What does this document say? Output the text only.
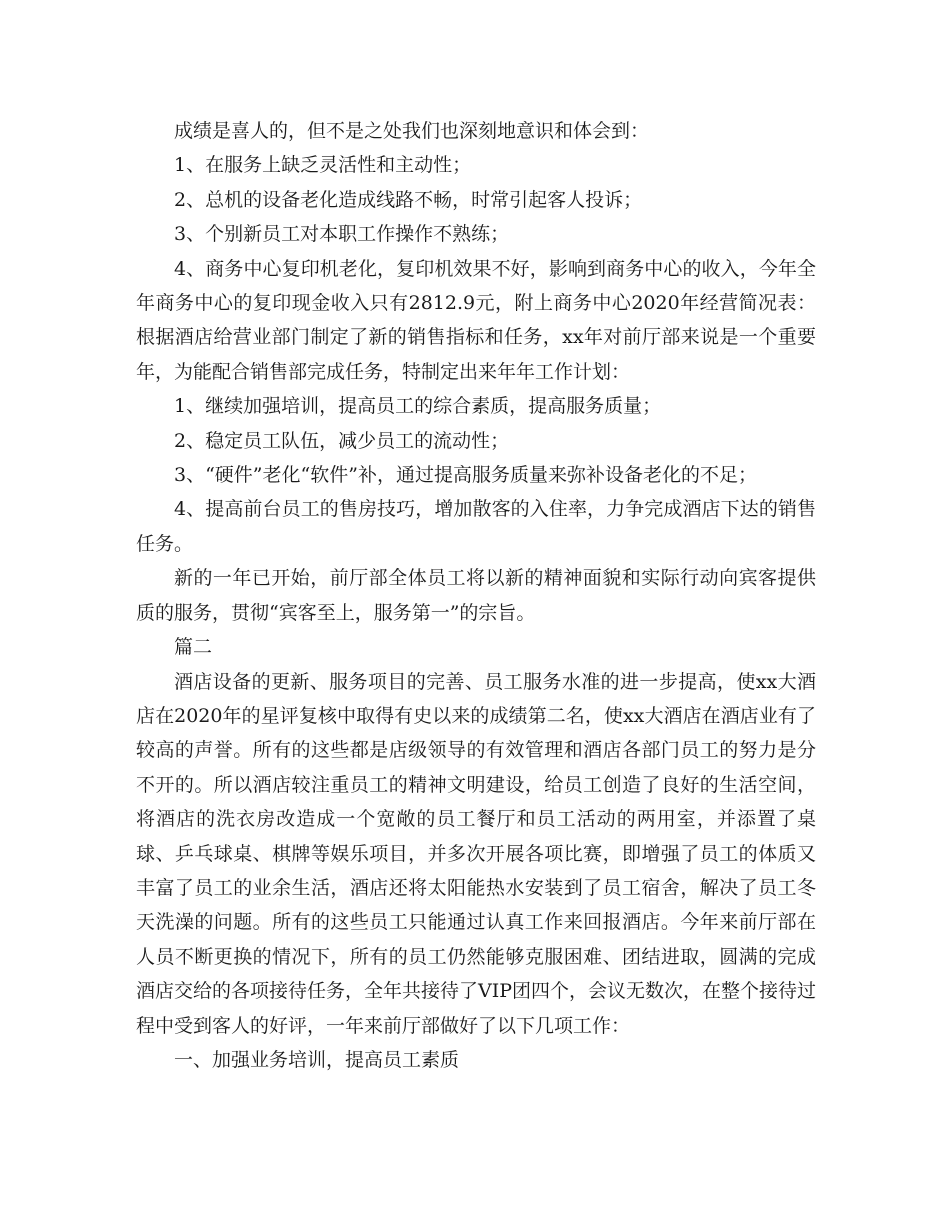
成绩是喜人的，但不是之处我们也深刻地意识和体会到：

1、在服务上缺乏灵活性和主动性；

2、总机的设备老化造成线路不畅，时常引起客人投诉；

3、个别新员工对本职工作操作不熟练；

4、商务中心复印机老化，复印机效果不好，影响到商务中心的收入，今年全年商务中心的复印现金收入只有2812.9元，附上商务中心2020年经营简况表：根据酒店给营业部门制定了新的销售指标和任务，xx年对前厅部来说是一个重要年，为能配合销售部完成任务，特制定出来年年工作计划：

1、继续加强培训，提高员工的综合素质，提高服务质量；

2、稳定员工队伍，减少员工的流动性；

3、“硬件”老化“软件”补，通过提高服务质量来弥补设备老化的不足；

4、提高前台员工的售房技巧，增加散客的入住率，力争完成酒店下达的销售任务。

新的一年已开始，前厅部全体员工将以新的精神面貌和实际行动向宾客提供质的服务，贯彻“宾客至上，服务第一”的宗旨。

篇二

酒店设备的更新、服务项目的完善、员工服务水准的进一步提高，使xx大酒店在2020年的星评复核中取得有史以来的成绩第二名，使xx大酒店在酒店业有了较高的声誉。所有的这些都是店级领导的有效管理和酒店各部门员工的努力是分不开的。所以酒店较注重员工的精神文明建设，给员工创造了良好的生活空间，将酒店的洗衣房改造成一个宽敞的员工餐厅和员工活动的两用室，并添置了桌球、乒乓球桌、棋牌等娱乐项目，并多次开展各项比赛，即增强了员工的体质又丰富了员工的业余生活，酒店还将太阳能热水安装到了员工宿舍，解决了员工冬天洗澡的问题。所有的这些员工只能通过认真工作来回报酒店。今年来前厅部在人员不断更换的情况下，所有的员工仍然能够克服困难、团结进取，圆满的完成酒店交给的各项接待任务，全年共接待了VIP团四个，会议无数次，在整个接待过程中受到客人的好评，一年来前厅部做好了以下几项工作：

一、加强业务培训，提高员工素质
